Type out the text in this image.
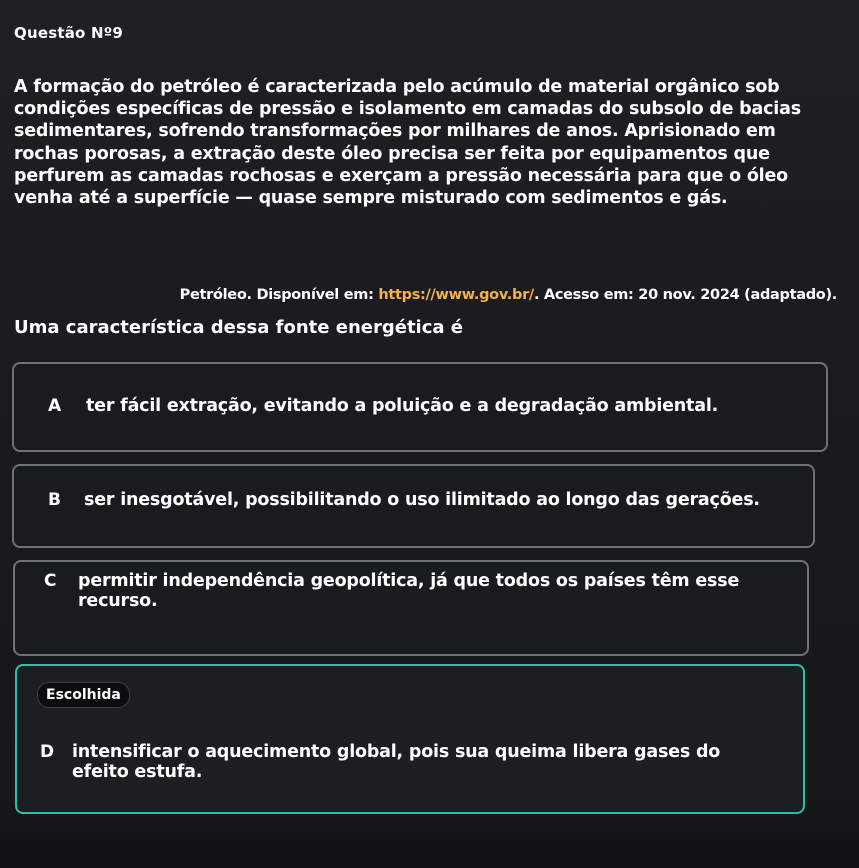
Questão Nº9
A formação do petróleo é caracterizada pelo acúmulo de material orgânico sob condições específicas de pressão e isolamento em camadas do subsolo de bacias sedimentares, sofrendo transformações por milhares de anos. Aprisionado em rochas porosas, a extração deste óleo precisa ser feita por equipamentos que perfurem as camadas rochosas e exerçam a pressão necessária para que o óleo venha até a superfície — quase sempre misturado com sedimentos e gás.
Petróleo. Disponível em: https://www.gov.br/. Acesso em: 20 nov. 2024 (adaptado).
Uma característica dessa fonte energética é
A ter fácil extração, evitando a poluição e a degradação ambiental.
B ser inesgotável, possibilitando o uso ilimitado ao longo das gerações.
C permitir independência geopolítica, já que todos os países têm esse recurso.
Escolhida
D intensificar o aquecimento global, pois sua queima libera gases do efeito estufa.
